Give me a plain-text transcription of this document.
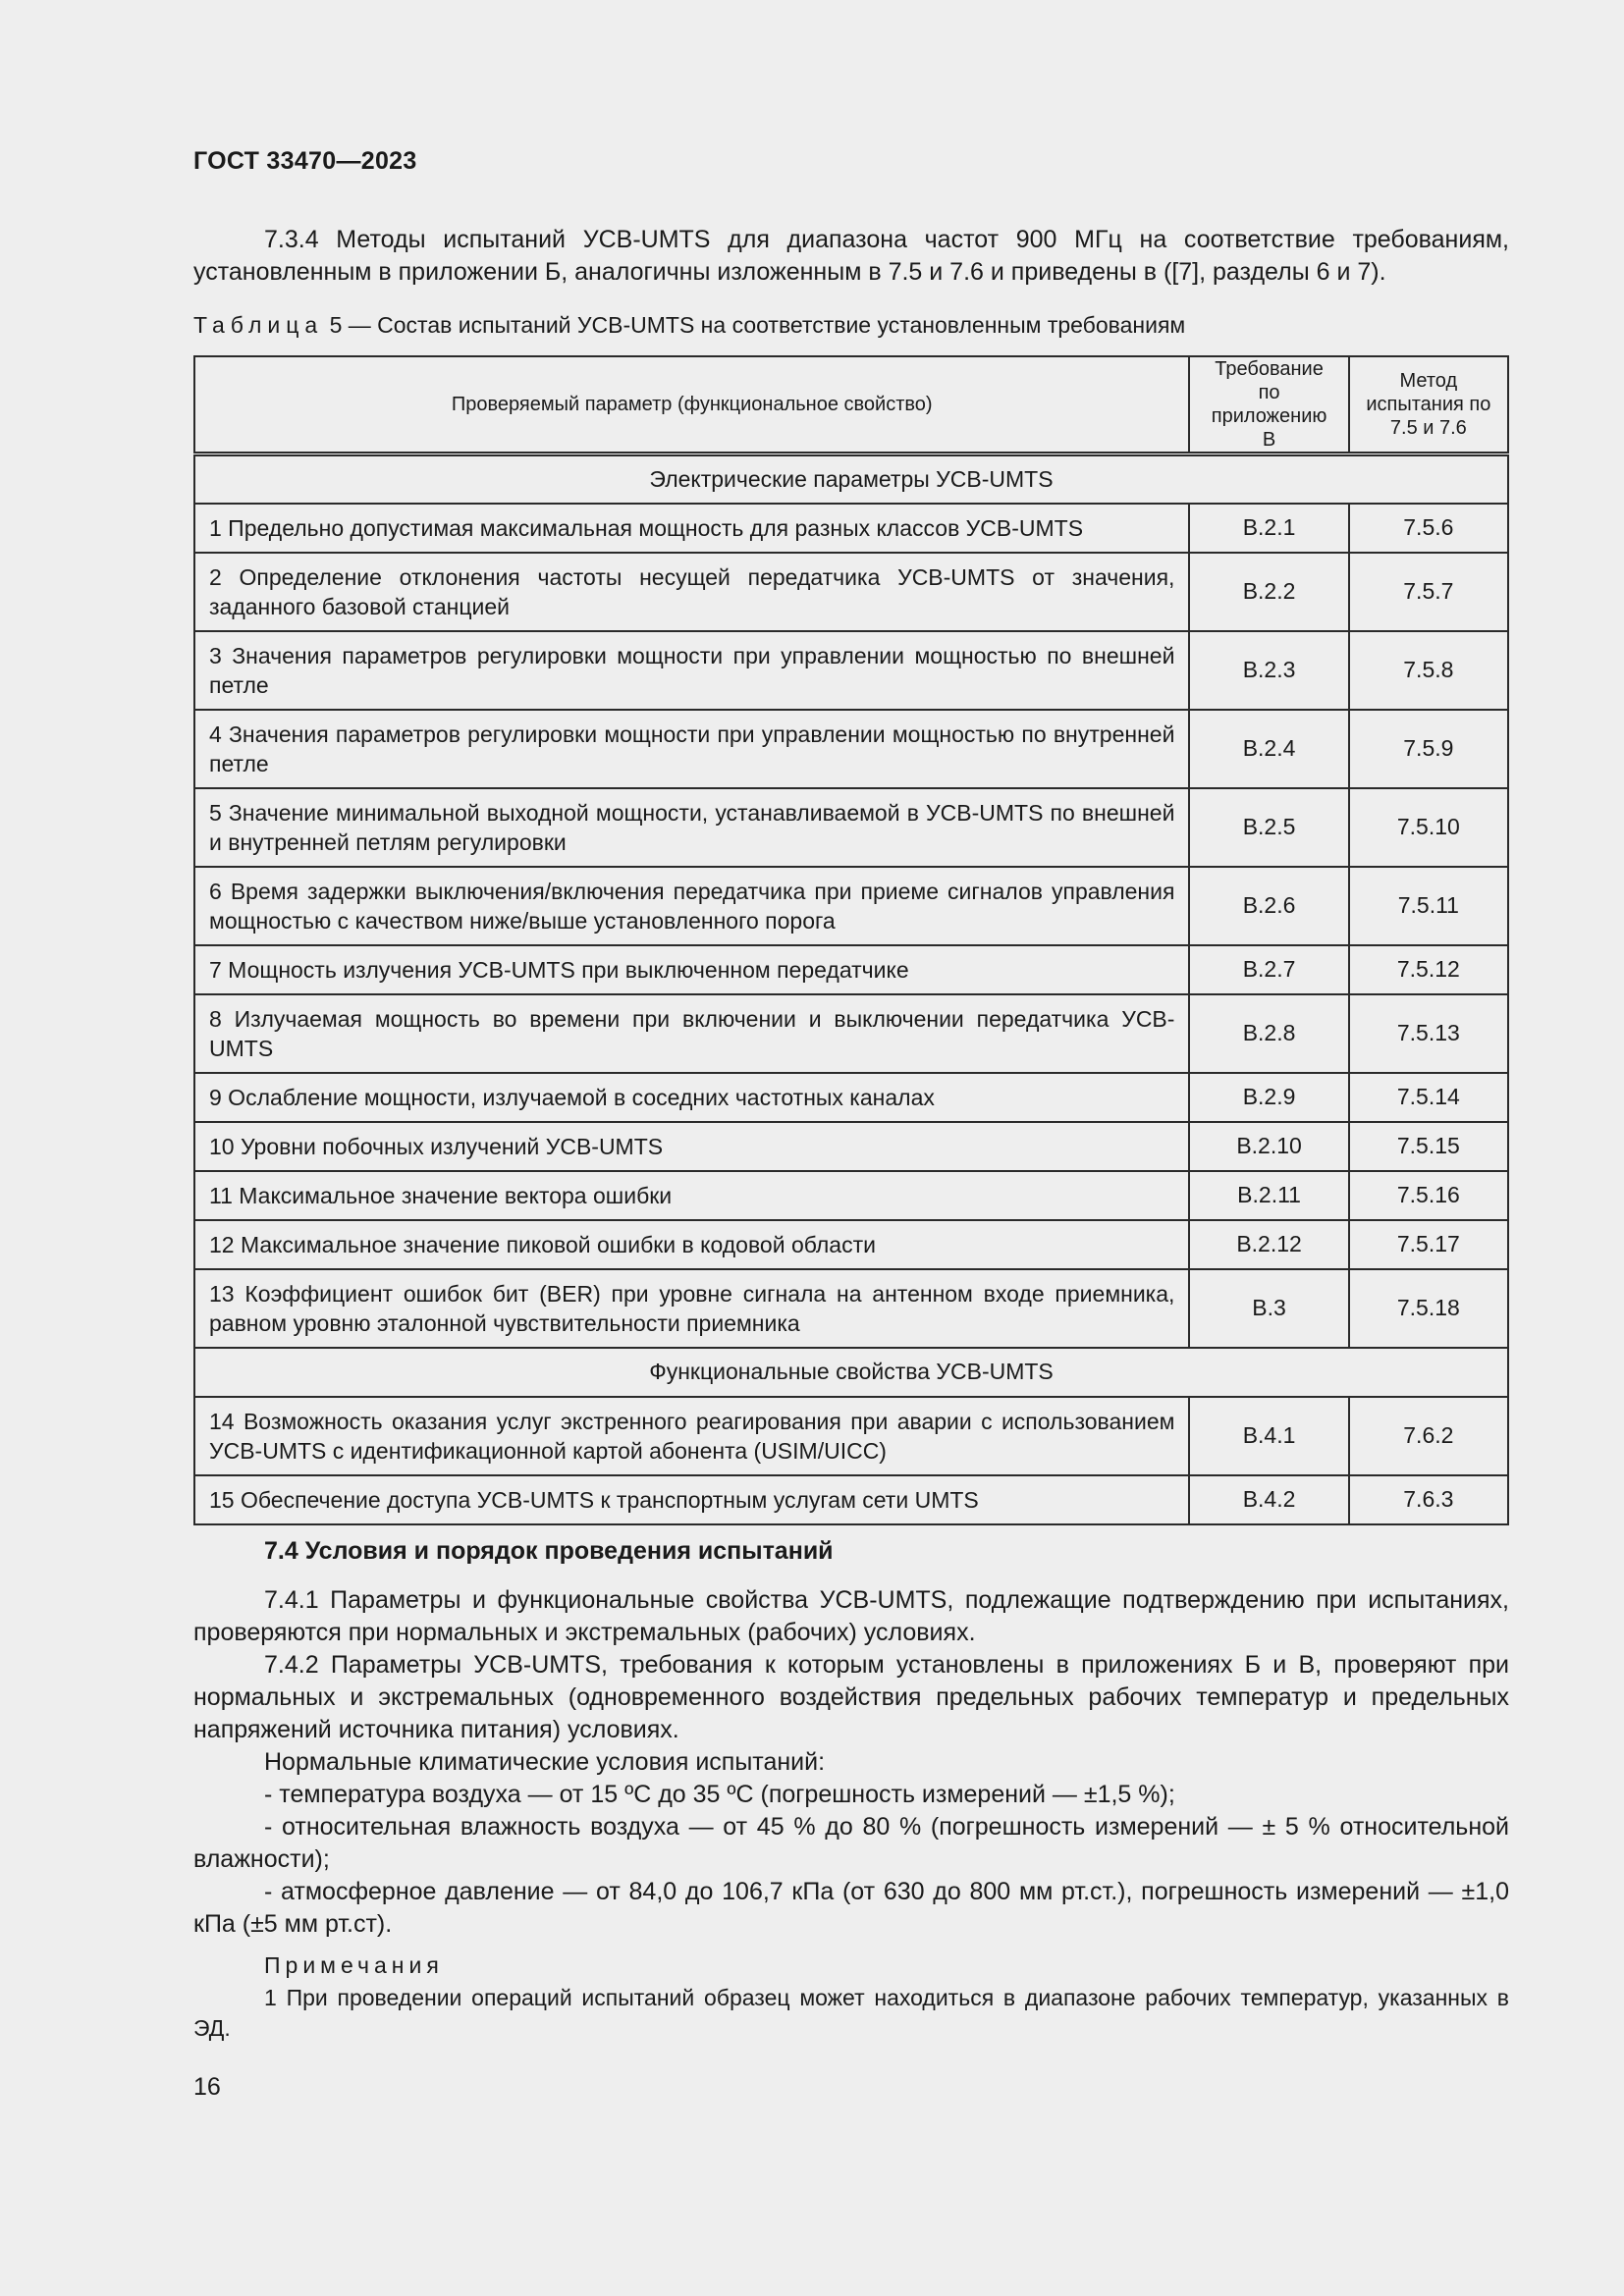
ГОСТ 33470—2023

7.3.4 Методы испытаний УСВ-UMTS для диапазона частот 900 МГц на соответствие требованиям, установленным в приложении Б, аналогичны изложенным в 7.5 и 7.6 и приведены в ([7], разделы 6 и 7).

Таблица 5 — Состав испытаний УСВ-UMTS на соответствие установленным требованиям
Проверяемый параметр (функциональное свойство)	Требование по приложению В	Метод испытания по 7.5 и 7.6
Электрические параметры УСВ-UMTS		
1 Предельно допустимая максимальная мощность для разных классов УСВ-UMTS	В.2.1	7.5.6
2 Определение отклонения частоты несущей передатчика УСВ-UMTS от значения, заданного базовой станцией	В.2.2	7.5.7
3 Значения параметров регулировки мощности при управлении мощностью по внешней петле	В.2.3	7.5.8
4 Значения параметров регулировки мощности при управлении мощностью по внутренней петле	В.2.4	7.5.9
5 Значение минимальной выходной мощности, устанавливаемой в УСВ-UMTS по внешней и внутренней петлям регулировки	В.2.5	7.5.10
6 Время задержки выключения/включения передатчика при приеме сигналов управления мощностью с качеством ниже/выше установленного порога	В.2.6	7.5.11
7 Мощность излучения УСВ-UMTS при выключенном передатчике	В.2.7	7.5.12
8 Излучаемая мощность во времени при включении и выключении передатчика УСВ-UMTS	В.2.8	7.5.13
9 Ослабление мощности, излучаемой в соседних частотных каналах	В.2.9	7.5.14
10 Уровни побочных излучений УСВ-UMTS	В.2.10	7.5.15
11 Максимальное значение вектора ошибки	В.2.11	7.5.16
12 Максимальное значение пиковой ошибки в кодовой области	В.2.12	7.5.17
13 Коэффициент ошибок бит (BER) при уровне сигнала на антенном входе приемника, равном уровню эталонной чувствительности приемника	В.3	7.5.18
Функциональные свойства УСВ-UMTS		
14 Возможность оказания услуг экстренного реагирования при аварии с использованием УСВ-UMTS с идентификационной картой абонента (USIM/UICC)	В.4.1	7.6.2
15 Обеспечение доступа УСВ-UMTS к транспортным услугам сети UMTS	В.4.2	7.6.3
7.4 Условия и порядок проведения испытаний

7.4.1 Параметры и функциональные свойства УСВ-UMTS, подлежащие подтверждению при испытаниях, проверяются при нормальных и экстремальных (рабочих) условиях.

7.4.2 Параметры УСВ-UMTS, требования к которым установлены в приложениях Б и В, проверяют при нормальных и экстремальных (одновременного воздействия предельных рабочих температур и предельных напряжений источника питания) условиях.

Нормальные климатические условия испытаний:

- температура воздуха — от 15 ºС до 35 ºС (погрешность измерений — ±1,5 %);

- относительная влажность воздуха — от 45 % до 80 % (погрешность измерений — ± 5 % относительной влажности);

- атмосферное давление — от 84,0 до 106,7 кПа (от 630 до 800 мм рт.ст.), погрешность измерений — ±1,0 кПа (±5 мм рт.ст).

Примечания

1 При проведении операций испытаний образец может находиться в диапазоне рабочих температур, указанных в ЭД.

16
